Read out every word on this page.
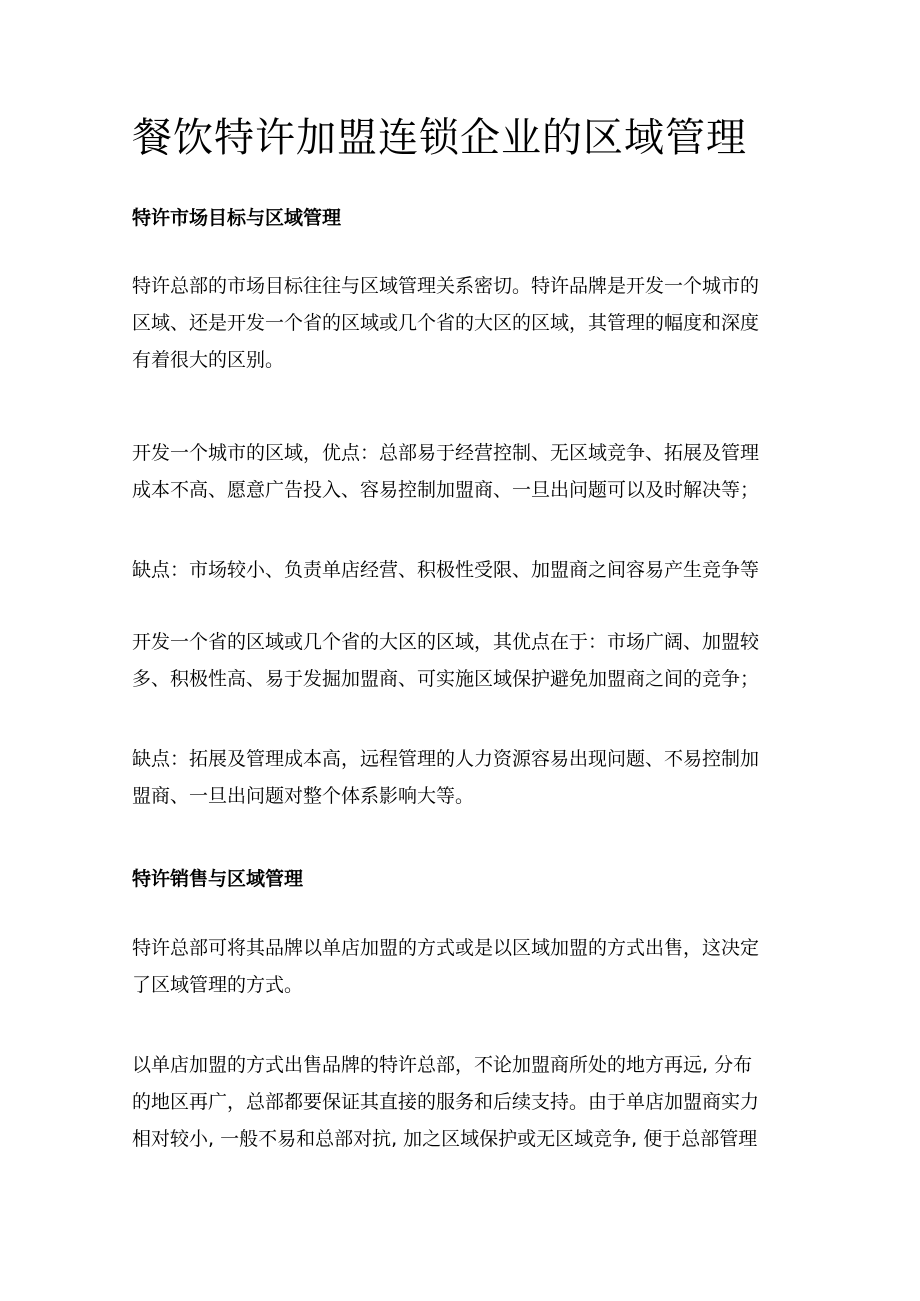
餐饮特许加盟连锁企业的区域管理
特许市场目标与区域管理

特许总部的市场目标往往与区域管理关系密切。特许品牌是开发一个城市的
区域、还是开发一个省的区域或几个省的大区的区域，其管理的幅度和深度
有着很大的区别。

开发一个城市的区域，优点：总部易于经营控制、无区域竞争、拓展及管理
成本不高、愿意广告投入、容易控制加盟商、一旦出问题可以及时解决等；

缺点：市场较小、负责单店经营、积极性受限、加盟商之间容易产生竞争等

开发一个省的区域或几个省的大区的区域，其优点在于：市场广阔、加盟较
多、积极性高、易于发掘加盟商、可实施区域保护避免加盟商之间的竞争；

缺点：拓展及管理成本高，远程管理的人力资源容易出现问题、不易控制加
盟商、一旦出问题对整个体系影响大等。

特许销售与区域管理

特许总部可将其品牌以单店加盟的方式或是以区域加盟的方式出售，这决定
了区域管理的方式。

以单店加盟的方式出售品牌的特许总部，不论加盟商所处的地方再远, 分布
的地区再广，总部都要保证其直接的服务和后续支持。由于单店加盟商实力
相对较小, 一般不易和总部对抗, 加之区域保护或无区域竞争, 便于总部管理
